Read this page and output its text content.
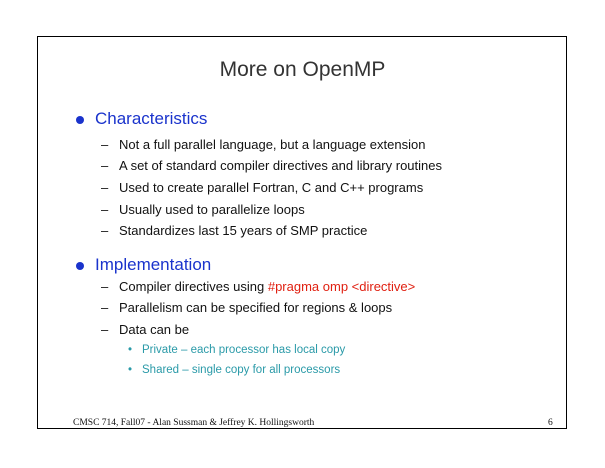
More on OpenMP
Characteristics
– Not a full parallel language, but a language extension
– A set of standard compiler directives and library routines
– Used to create parallel Fortran, C and C++ programs
– Usually used to parallelize loops
– Standardizes last 15 years of SMP practice
Implementation
– Compiler directives using #pragma omp <directive>
– Parallelism can be specified for regions & loops
– Data can be
• Private – each processor has local copy
• Shared – single copy for all processors
CMSC 714, Fall07 - Alan Sussman & Jeffrey K. Hollingsworth	6
